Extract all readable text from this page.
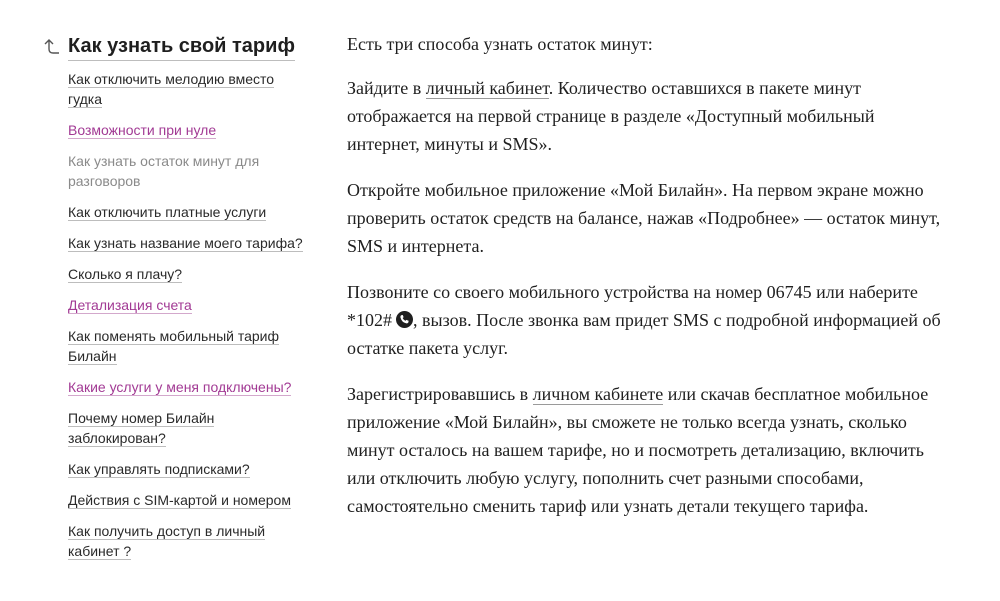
Как узнать свой тариф
Как отключить мелодию вместо гудка
Возможности при нуле
Как узнать остаток минут для разговоров
Как отключить платные услуги
Как узнать название моего тарифа?
Сколько я плачу?
Детализация счета
Как поменять мобильный тариф Билайн
Какие услуги у меня подключены?
Почему номер Билайн заблокирован?
Как управлять подписками?
Действия с SIM-картой и номером
Как получить доступ в личный кабинет ?

Есть три способа узнать остаток минут:

Зайдите в личный кабинет. Количество оставшихся в пакете минут отображается на первой странице в разделе «Доступный мобильный интернет, минуты и SMS».

Откройте мобильное приложение «Мой Билайн». На первом экране можно проверить остаток средств на балансе, нажав «Подробнее» — остаток минут, SMS и интернета.

Позвоните со своего мобильного устройства на номер 06745 или наберите *102# , вызов. После звонка вам придет SMS с подробной информацией об остатке пакета услуг.

Зарегистрировавшись в личном кабинете или скачав бесплатное мобильное приложение «Мой Билайн», вы сможете не только всегда узнать, сколько минут осталось на вашем тарифе, но и посмотреть детализацию, включить или отключить любую услугу, пополнить счет разными способами, самостоятельно сменить тариф или узнать детали текущего тарифа.
